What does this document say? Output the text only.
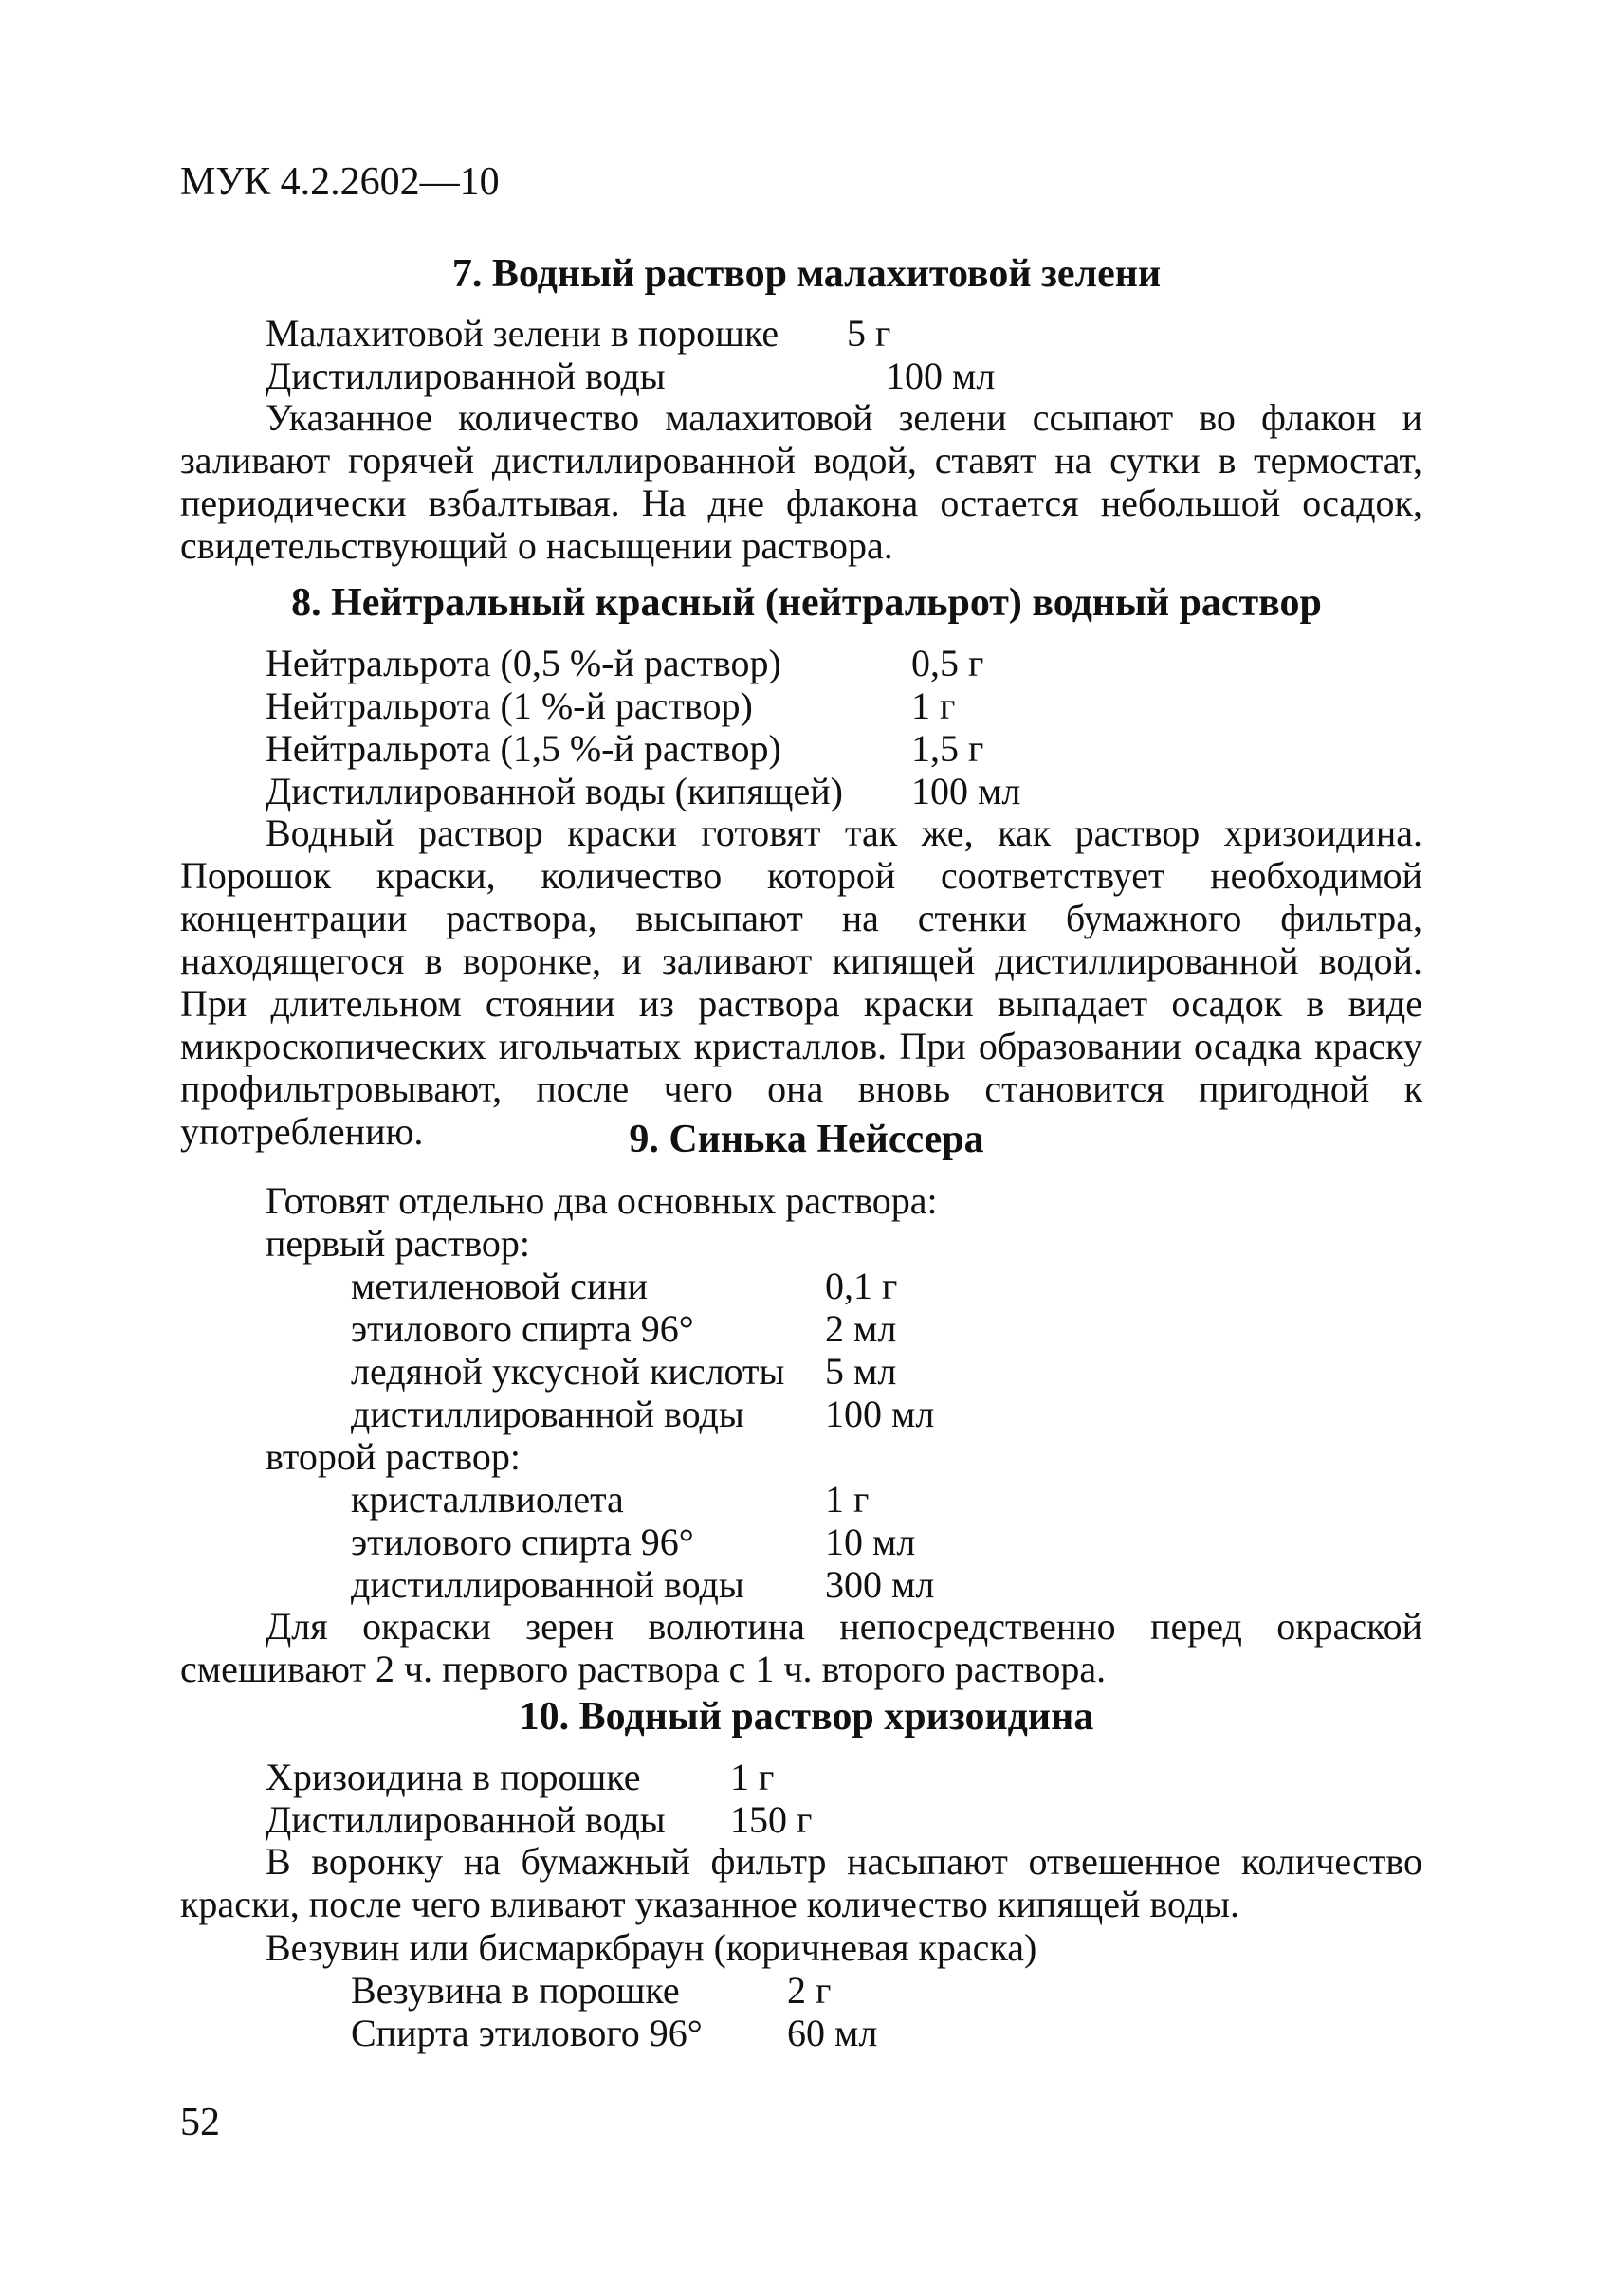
МУК 4.2.2602—10
7. Водный раствор малахитовой зелени
Малахитовой зелени в порошке 5 г
Дистиллированной воды	100 мл

Указанное количество малахитовой зелени ссыпают во флакон и заливают горячей дистиллированной водой, ставят на сутки в термостат, периодически взбалтывая. На дне флакона остается небольшой осадок, свидетельствующий о насыщении раствора.

8. Нейтральный красный (нейтральрот) водный раствор
Нейтральрота (0,5 %-й раствор)	0,5 г
Нейтральрота (1 %-й раствор)	1 г
Нейтральрота (1,5 %-й раствор)	1,5 г
Дистиллированной воды (кипящей) 100 мл

Водный раствор краски готовят так же, как раствор хризоидина. Порошок краски, количество которой соответствует необходимой концентрации раствора, высыпают на стенки бумажного фильтра, находящегося в воронке, и заливают кипящей дистиллированной водой. При длительном стоянии из раствора краски выпадает осадок в виде микроскопических игольчатых кристаллов. При образовании осадка краску профильтровывают, после чего она вновь становится пригодной к употреблению.	9. Синька Нейссера
Готовят отдельно два основных раствора:
первый раствор:
метиленовой сини	0,1 г
этилового спирта 96°	2 мл
ледяной уксусной кислоты 5 мл
дистиллированной воды 100 мл
второй раствор:
кристаллвиолета	1 г
этилового спирта 96°	10 мл
дистиллированной воды 300 мл

Для окраски зерен волютина непосредственно перед окраской смешивают 2 ч. первого раствора с 1 ч. второго раствора.

10. Водный раствор хризоидина
Хризоидина в порошке 1 г
Дистиллированной воды 150 г

В воронку на бумажный фильтр насыпают отвешенное количество краски, после чего вливают указанное количество кипящей воды.

Везувин или бисмаркбраун (коричневая краска)
Везувина в порошке	2 г
Спирта этилового 96° 60 мл
52
